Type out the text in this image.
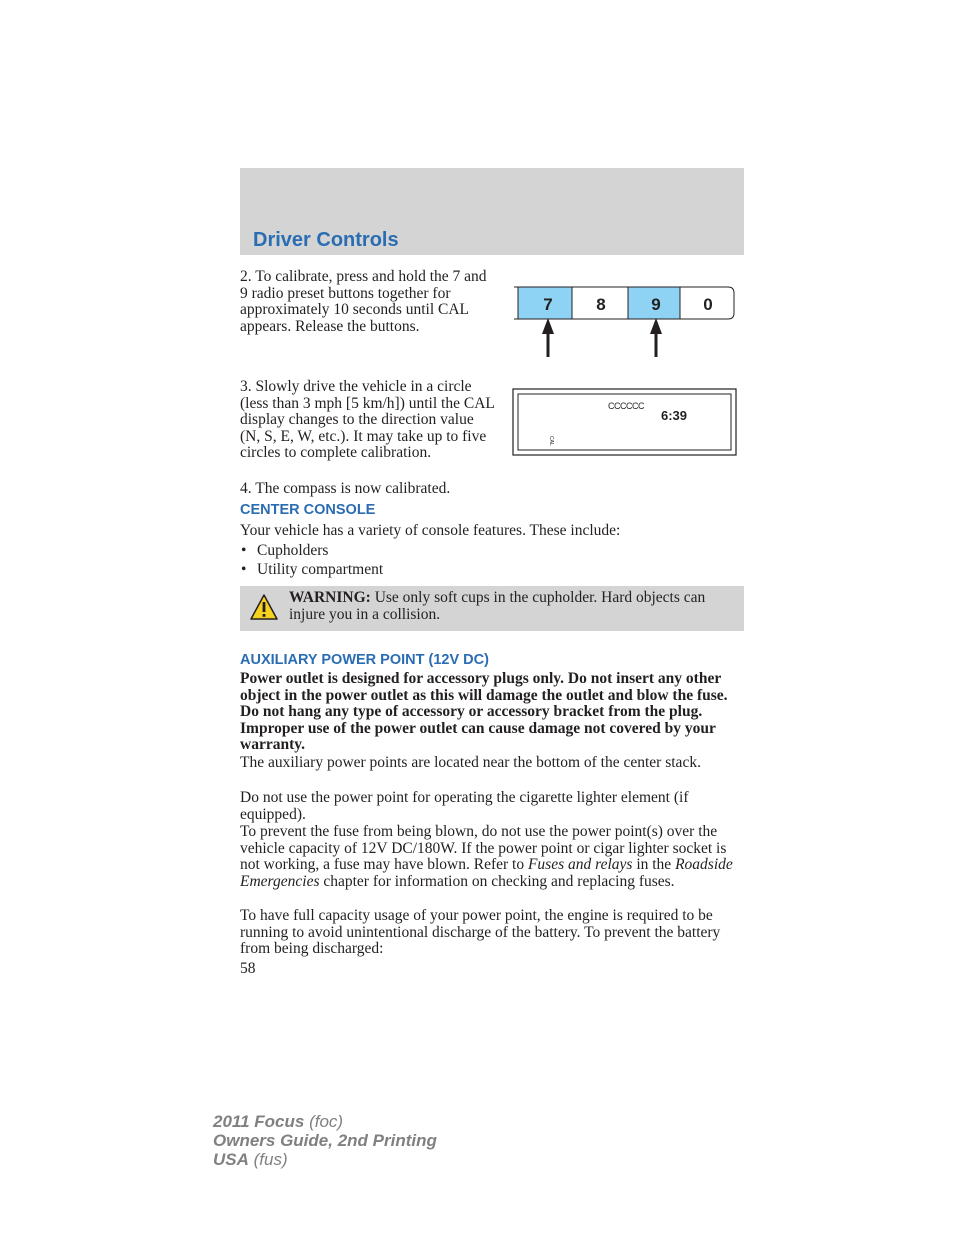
Driver Controls

2. To calibrate, press and hold the 7 and 9 radio preset buttons together for approximately 10 seconds until CAL appears. Release the buttons.

7	8	9	0

3. Slowly drive the vehicle in a circle (less than 3 mph [5 km/h]) until the CAL display changes to the direction value (N, S, E, W, etc.). It may take up to five circles to complete calibration.

CCCCCC
6:39
CAL

4. The compass is now calibrated.

CENTER CONSOLE

Your vehicle has a variety of console features. These include:

• Cupholders
• Utility compartment
WARNING: Use only soft cups in the cupholder. Hard objects can injure you in a collision.
AUXILIARY POWER POINT (12V DC)

Power outlet is designed for accessory plugs only. Do not insert any other object in the power outlet as this will damage the outlet and blow the fuse. Do not hang any type of accessory or accessory bracket from the plug. Improper use of the power outlet can cause damage not covered by your warranty.

The auxiliary power points are located near the bottom of the center stack.

Do not use the power point for operating the cigarette lighter element (if equipped).

To prevent the fuse from being blown, do not use the power point(s) over the vehicle capacity of 12V DC/180W. If the power point or cigar lighter socket is not working, a fuse may have blown. Refer to Fuses and relays in the Roadside Emergencies chapter for information on checking and replacing fuses.

To have full capacity usage of your power point, the engine is required to be running to avoid unintentional discharge of the battery. To prevent the battery from being discharged:

58

2011 Focus (foc)
Owners Guide, 2nd Printing
USA (fus)
